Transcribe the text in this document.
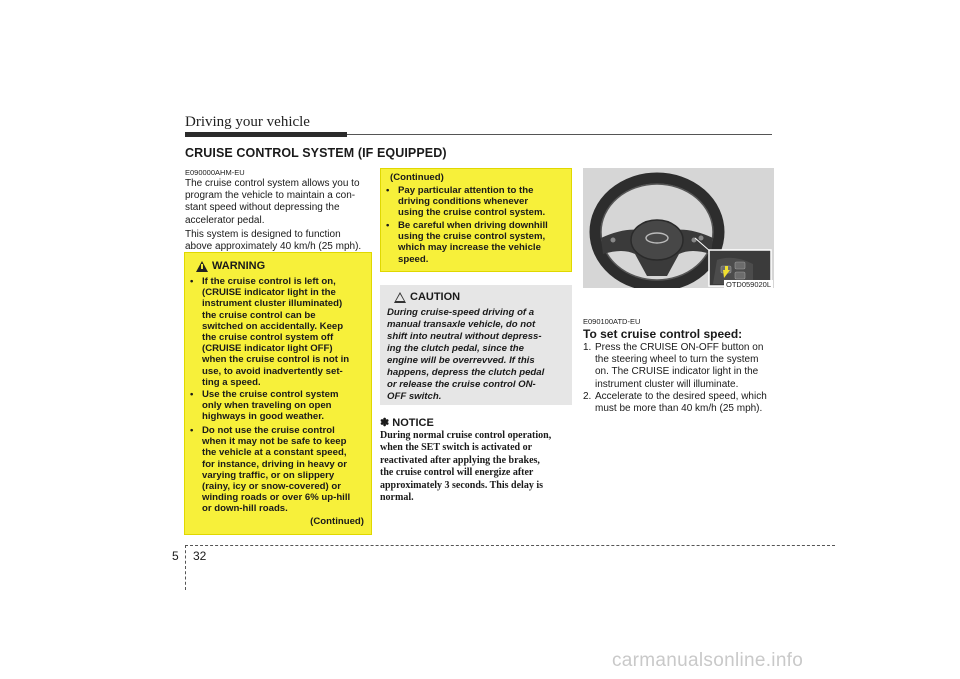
Driving your vehicle
CRUISE CONTROL SYSTEM (IF EQUIPPED)
E090000AHM-EU
The cruise control system allows you to
program the vehicle to maintain a con-
stant speed without depressing the
accelerator pedal.
This system is designed to function
above approximately 40 km/h (25 mph).
WARNING
• If the cruise control is left on,
(CRUISE indicator light in the
instrument cluster illuminated)
the cruise control can be
switched on accidentally. Keep
the cruise control system off
(CRUISE indicator light OFF)
when the cruise control is not in
use, to avoid inadvertently set-
ting a speed.
• Use the cruise control system
only when traveling on open
highways in good weather.
• Do not use the cruise control
when it may not be safe to keep
the vehicle at a constant speed,
for instance, driving in heavy or
varying traffic, or on slippery
(rainy, icy or snow-covered) or
winding roads or over 6% up-hill
or down-hill roads.
(Continued)
(Continued)
• Pay particular attention to the
driving conditions whenever
using the cruise control system.
• Be careful when driving downhill
using the cruise control system,
which may increase the vehicle
speed.
CAUTION
During cruise-speed driving of a
manual transaxle vehicle, do not
shift into neutral without depress-
ing the clutch pedal, since the
engine will be overrevved. If this
happens, depress the clutch pedal
or release the cruise control ON-
OFF switch.
✽ NOTICE
During normal cruise control operation,
when the SET switch is activated or
reactivated after applying the brakes,
the cruise control will energize after
approximately 3 seconds. This delay is
normal.
OTD059020L
E090100ATD-EU
To set cruise control speed:
1. Press the CRUISE ON-OFF button on
the steering wheel to turn the system
on. The CRUISE indicator light in the
instrument cluster will illuminate.
2. Accelerate to the desired speed, which
must be more than 40 km/h (25 mph).
5 32
carmanualsonline.info
